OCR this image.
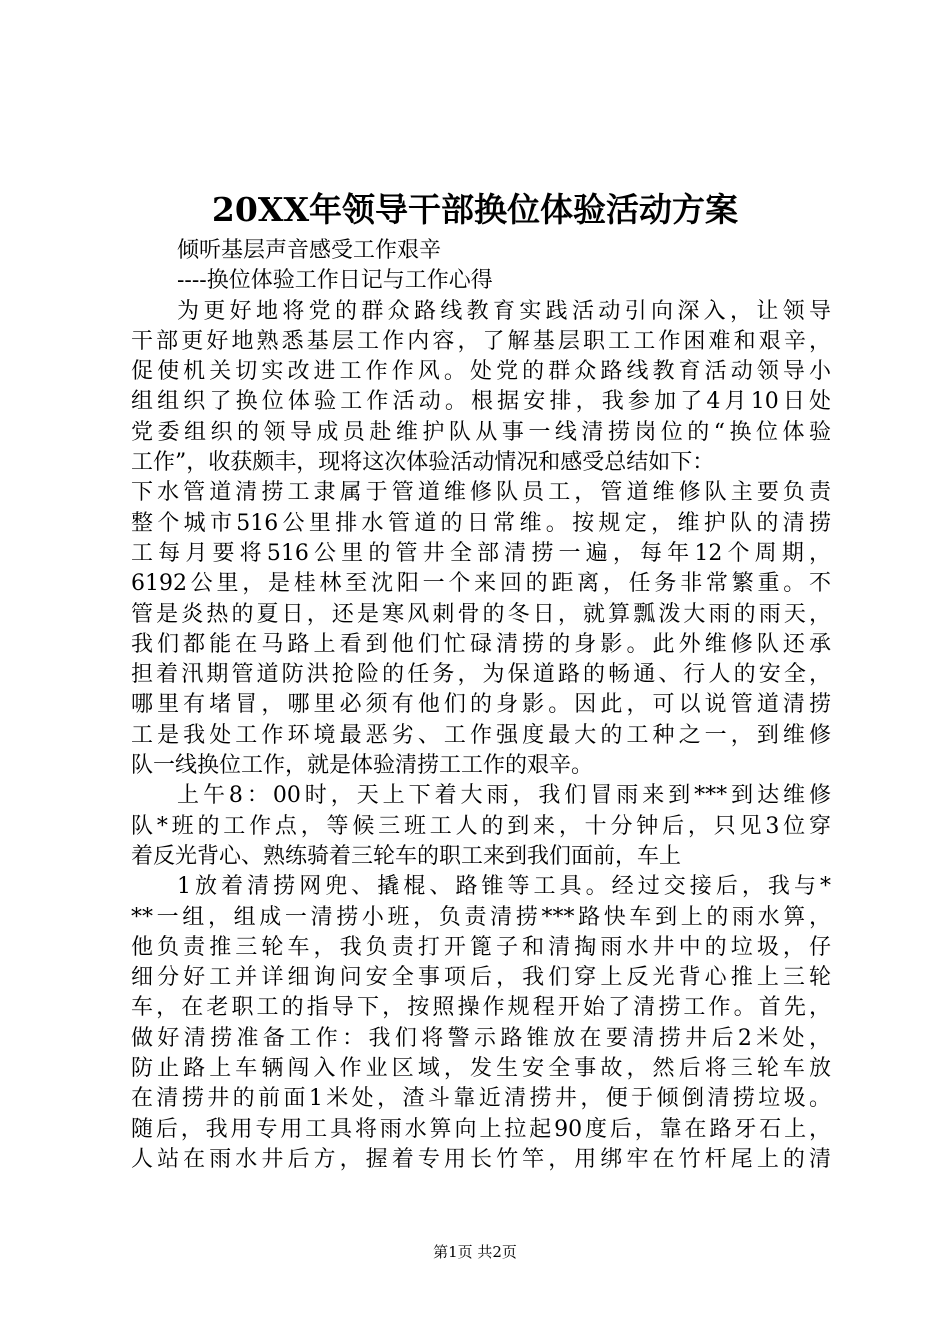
20XX年领导干部换位体验活动方案
倾听基层声音感受工作艰辛
----换位体验工作日记与工作心得
为更好地将党的群众路线教育实践活动引向深入，让领导
干部更好地熟悉基层工作内容，了解基层职工工作困难和艰辛，
促使机关切实改进工作作风。处党的群众路线教育活动领导小
组组织了换位体验工作活动。根据安排，我参加了4月10日处
党委组织的领导成员赴维护队从事一线清捞岗位的“换位体验
工作”，收获颇丰，现将这次体验活动情况和感受总结如下：
下水管道清捞工隶属于管道维修队员工，管道维修队主要负责
整个城市516公里排水管道的日常维。按规定，维护队的清捞
工每月要将516公里的管井全部清捞一遍，每年12个周期，
6192公里，是桂林至沈阳一个来回的距离，任务非常繁重。不
管是炎热的夏日，还是寒风刺骨的冬日，就算瓢泼大雨的雨天，
我们都能在马路上看到他们忙碌清捞的身影。此外维修队还承
担着汛期管道防洪抢险的任务，为保道路的畅通、行人的安全，
哪里有堵冒，哪里必须有他们的身影。因此，可以说管道清捞
工是我处工作环境最恶劣、工作强度最大的工种之一，到维修
队一线换位工作，就是体验清捞工工作的艰辛。
上午8：00时，天上下着大雨，我们冒雨来到***到达维修
队*班的工作点，等候三班工人的到来，十分钟后，只见3位穿
着反光背心、熟练骑着三轮车的职工来到我们面前，车上
1放着清捞网兜、撬棍、路锥等工具。经过交接后，我与*
**一组，组成一清捞小班，负责清捞***路快车到上的雨水箅，
他负责推三轮车，我负责打开篦子和清掏雨水井中的垃圾，仔
细分好工并详细询问安全事项后，我们穿上反光背心推上三轮
车，在老职工的指导下，按照操作规程开始了清捞工作。首先，
做好清捞准备工作：我们将警示路锥放在要清捞井后2米处，
防止路上车辆闯入作业区域，发生安全事故，然后将三轮车放
在清捞井的前面1米处，渣斗靠近清捞井，便于倾倒清捞垃圾。
随后，我用专用工具将雨水箅向上拉起90度后，靠在路牙石上，
人站在雨水井后方，握着专用长竹竿，用绑牢在竹杆尾上的清
第1页 共2页
